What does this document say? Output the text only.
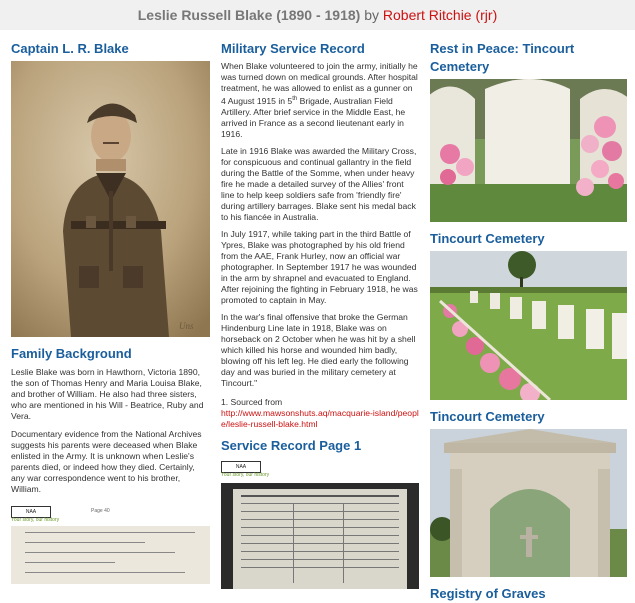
Leslie Russell Blake (1890 - 1918) by Robert Ritchie (rjr)
Captain L. R. Blake
Uns
Family Background

Leslie Blake was born in Hawthorn, Victoria 1890, the son of Thomas Henry and Maria Louisa Blake, and brother of William. He also had three sisters, who are mentioned in his Will - Beatrice, Ruby and Vera.

Documentary evidence from the National Archives suggests his parents were deceased when Blake enlisted in the Army. It is unknown when Leslie's parents died, or indeed how they died. Certainly, any war correspondence went to his brother, William.

NAA
Your story, our history
Page 40
Military Service Record

When Blake volunteered to join the army, initially he was turned down on medical grounds. After hospital treatment, he was allowed to enlist as a gunner on 4 August 1915 in 5th Brigade, Australian Field Artillery. After brief service in the Middle East, he arrived in France as a second lieutenant early in 1916.

Late in 1916 Blake was awarded the Military Cross, for conspicuous and continual gallantry in the field during the Battle of the Somme, when under heavy fire he made a detailed survey of the Allies' front line to help keep soldiers safe from 'friendly fire' during artillery barrages. Blake sent his medal back to his fiancée in Australia.

In July 1917, while taking part in the third Battle of Ypres, Blake was photographed by his old friend from the AAE, Frank Hurley, now an official war photographer. In September 1917 he was wounded in the arm by shrapnel and evacuated to England. After rejoining the fighting in February 1918, he was promoted to captain in May.

In the war's final offensive that broke the German Hindenburg Line late in 1918, Blake was on horseback on 2 October when he was hit by a shell which killed his horse and wounded him badly, blowing off his left leg. He died early the following day and was buried in the military cemetery at Tincourt."

1. Sourced from
http://www.mawsonshuts.aq/macquarie-island/people/leslie-russell-blake.html

Service Record Page 1
NAA
Your story, our history
Rest in Peace: Tincourt Cemetery
Tincourt Cemetery
Tincourt Cemetery
Registry of Graves
